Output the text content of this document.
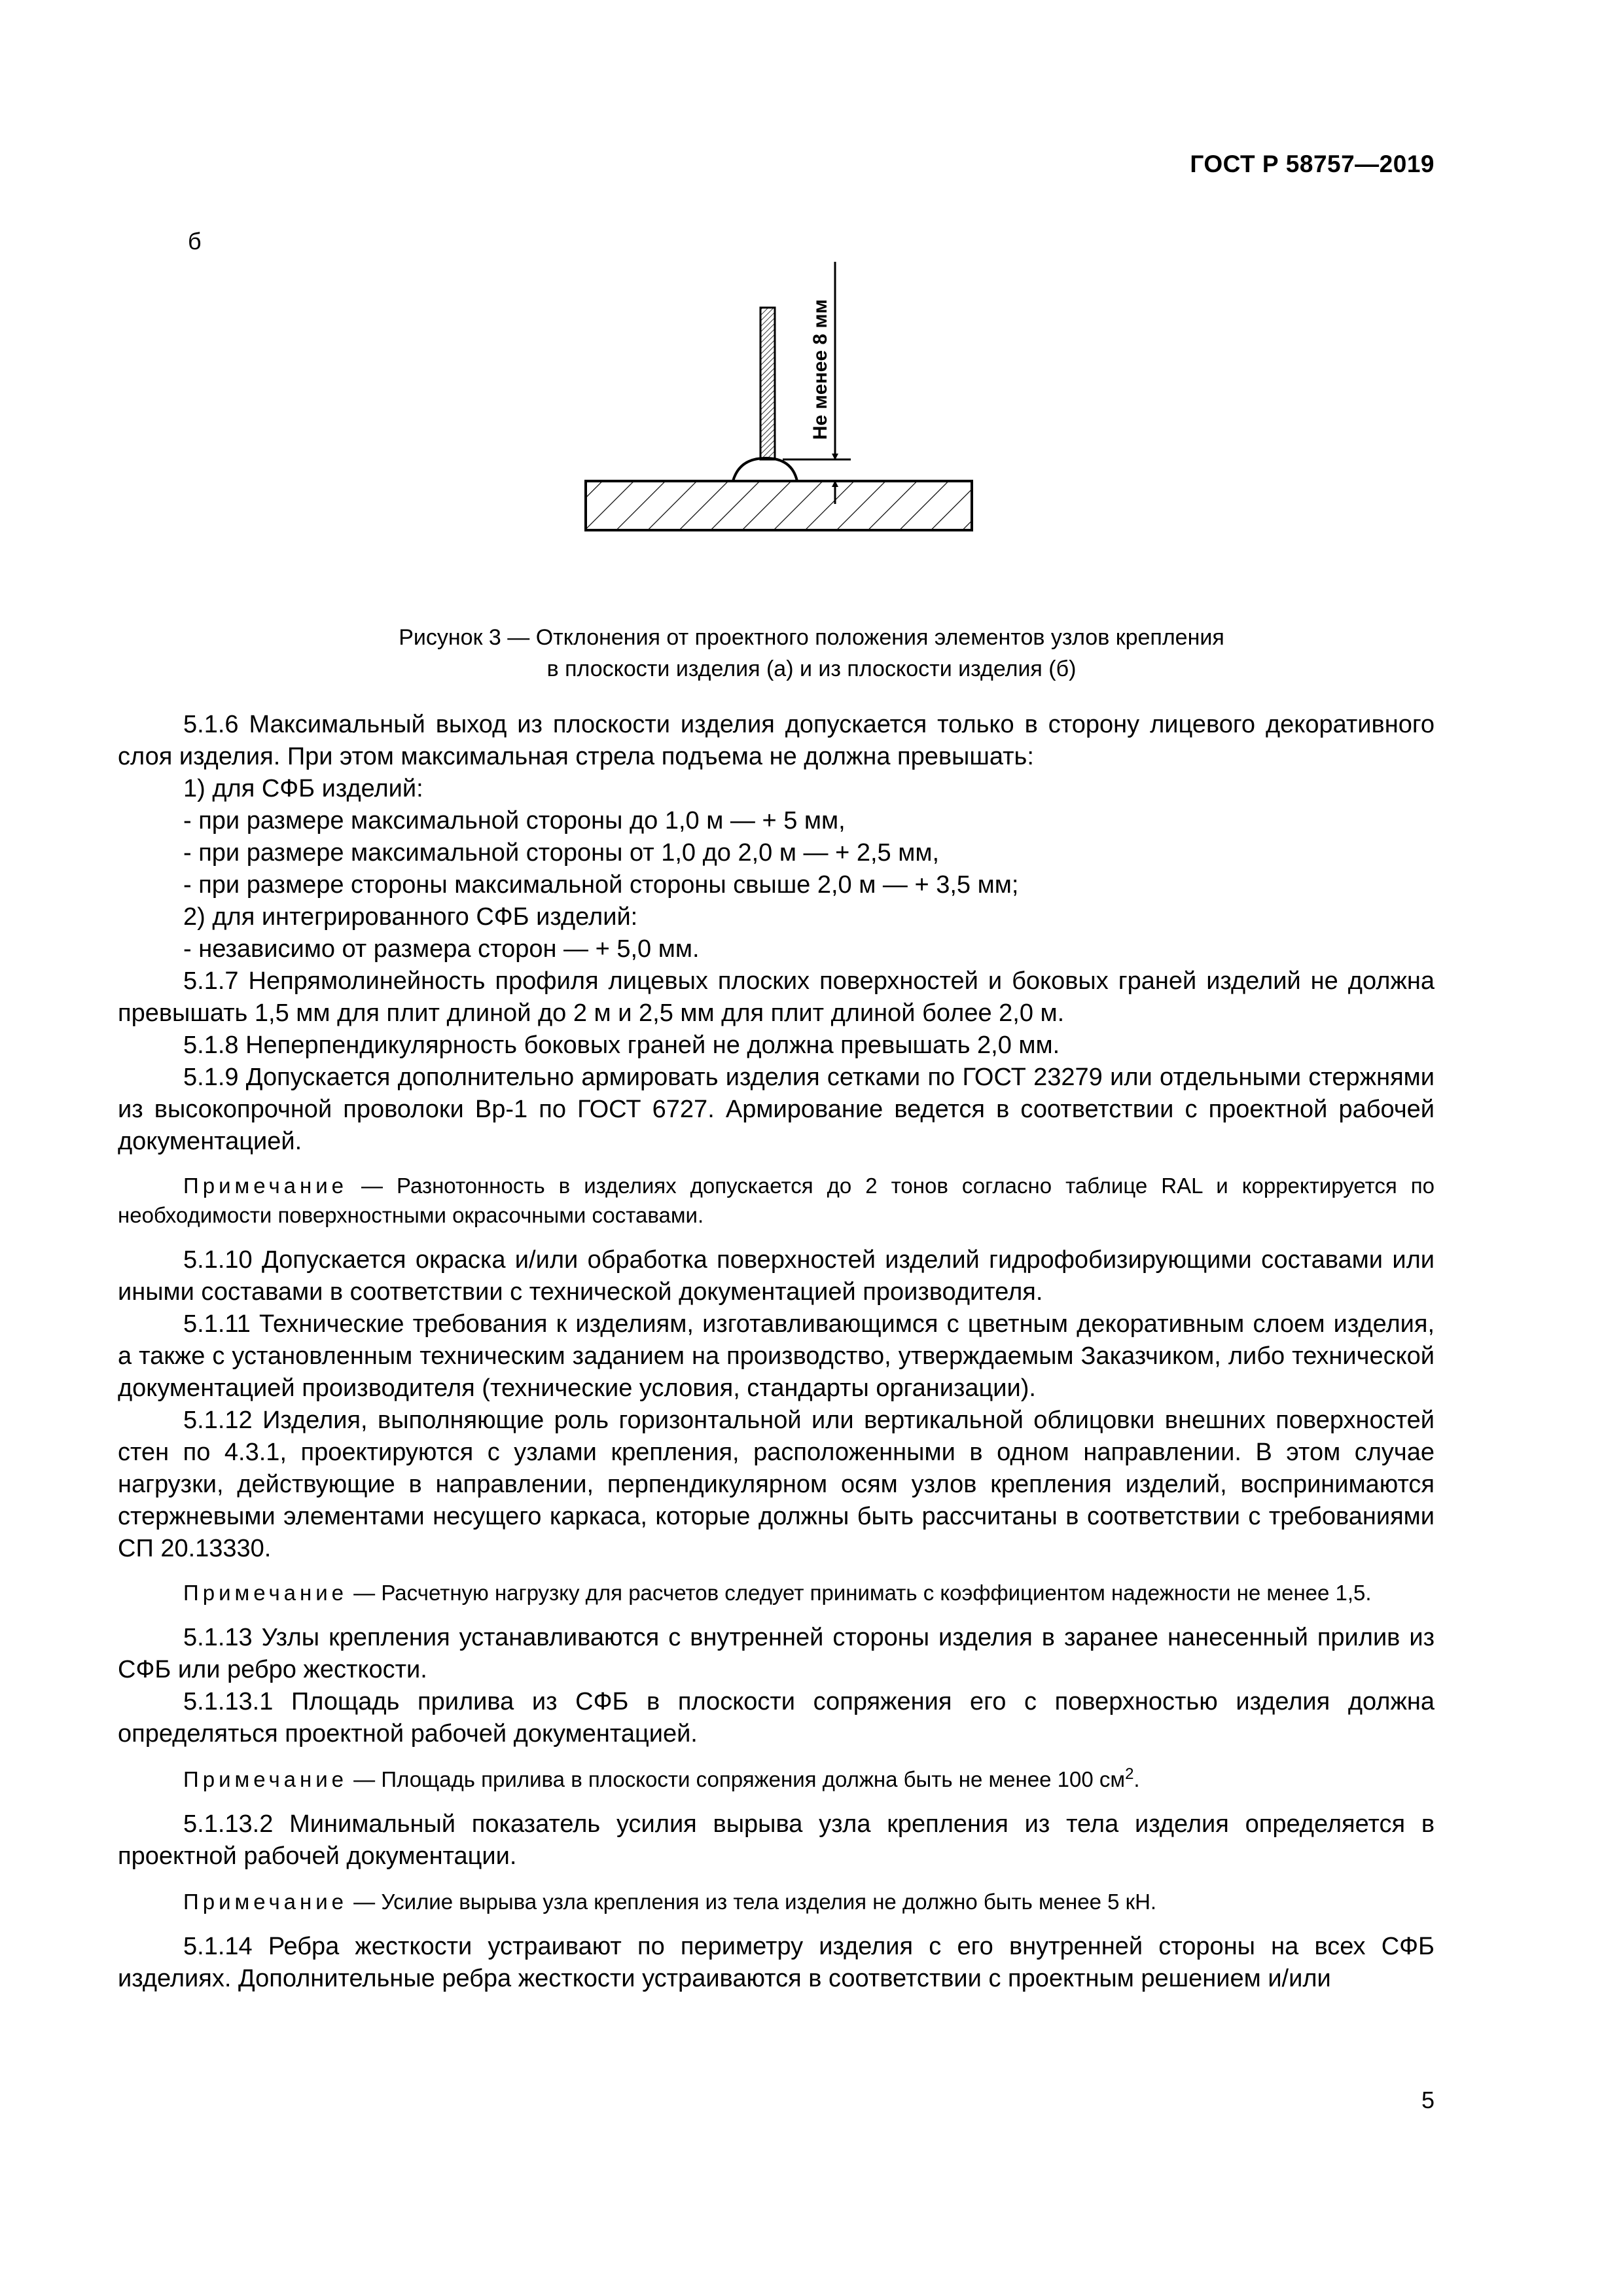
ГОСТ Р 58757—2019
б
Не менее 8 мм
Рисунок 3 — Отклонения от проектного положения элементов узлов крепления
в плоскости изделия (а) и из плоскости изделия (б)

5.1.6 Максимальный выход из плоскости изделия допускается только в сторону лицевого декоративного слоя изделия. При этом максимальная стрела подъема не должна превышать:

1) для СФБ изделий:

- при размере максимальной стороны до 1,0 м — + 5 мм,

- при размере максимальной стороны от 1,0 до 2,0 м — + 2,5 мм,

- при размере стороны максимальной стороны свыше 2,0 м — + 3,5 мм;

2) для интегрированного СФБ изделий:

- независимо от размера сторон — + 5,0 мм.

5.1.7 Непрямолинейность профиля лицевых плоских поверхностей и боковых граней изделий не должна превышать 1,5 мм для плит длиной до 2 м и 2,5 мм для плит длиной более 2,0 м.

5.1.8 Неперпендикулярность боковых граней не должна превышать 2,0 мм.

5.1.9 Допускается дополнительно армировать изделия сетками по ГОСТ 23279 или отдельными стержнями из высокопрочной проволоки Вр-1 по ГОСТ 6727. Армирование ведется в соответствии с проектной рабочей документацией.

Примечание — Разнотонность в изделиях допускается до 2 тонов согласно таблице RAL и корректируется по необходимости поверхностными окрасочными составами.

5.1.10 Допускается окраска и/или обработка поверхностей изделий гидрофобизирующими составами или иными составами в соответствии с технической документацией производителя.

5.1.11 Технические требования к изделиям, изготавливающимся с цветным декоративным слоем изделия, а также с установленным техническим заданием на производство, утверждаемым Заказчиком, либо технической документацией производителя (технические условия, стандарты организации).

5.1.12 Изделия, выполняющие роль горизонтальной или вертикальной облицовки внешних поверхностей стен по 4.3.1, проектируются с узлами крепления, расположенными в одном направлении. В этом случае нагрузки, действующие в направлении, перпендикулярном осям узлов крепления изделий, воспринимаются стержневыми элементами несущего каркаса, которые должны быть рассчитаны в соответствии с требованиями СП 20.13330.

Примечание — Расчетную нагрузку для расчетов следует принимать с коэффициентом надежности не менее 1,5.

5.1.13 Узлы крепления устанавливаются с внутренней стороны изделия в заранее нанесенный прилив из СФБ или ребро жесткости.

5.1.13.1 Площадь прилива из СФБ в плоскости сопряжения его с поверхностью изделия должна определяться проектной рабочей документацией.

Примечание — Площадь прилива в плоскости сопряжения должна быть не менее 100 $см^2$.

5.1.13.2 Минимальный показатель усилия вырыва узла крепления из тела изделия определяется в проектной рабочей документации.

Примечание — Усилие вырыва узла крепления из тела изделия не должно быть менее 5 кН.

5.1.14 Ребра жесткости устраивают по периметру изделия с его внутренней стороны на всех СФБ изделиях. Дополнительные ребра жесткости устраиваются в соответствии с проектным решением и/или

5
